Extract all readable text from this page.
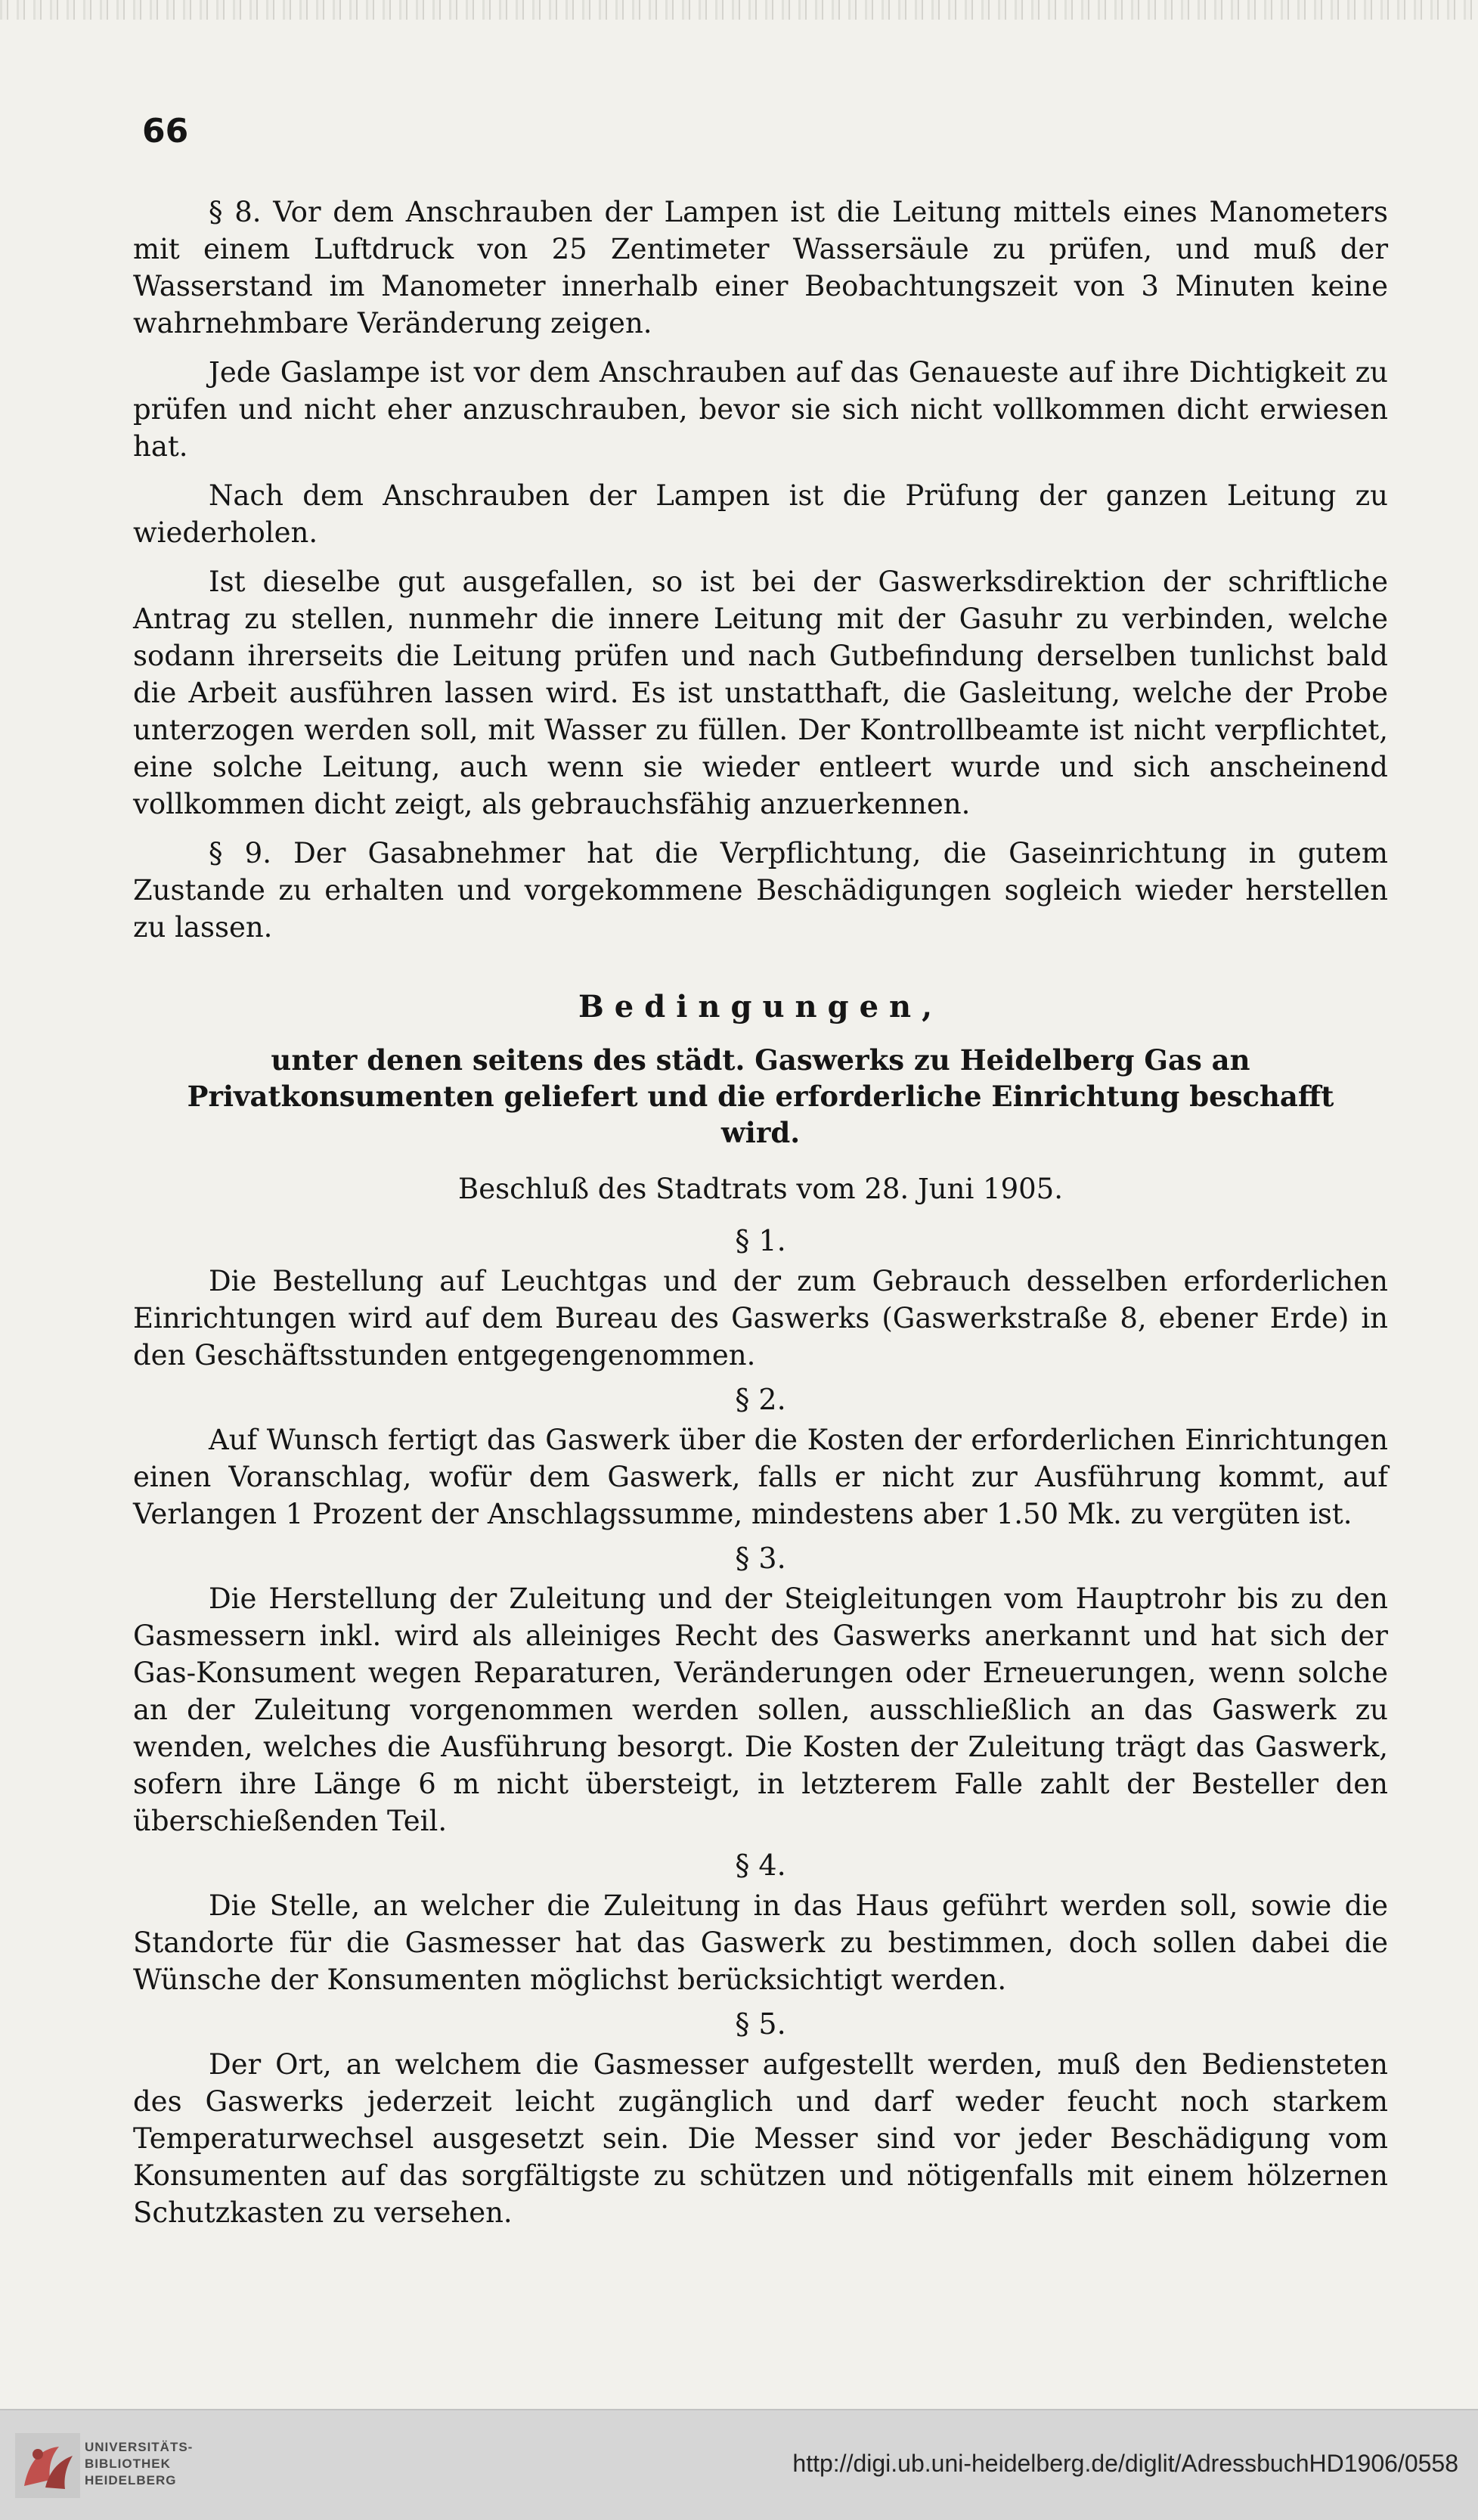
66

§ 8. Vor dem Anschrauben der Lampen ist die Leitung mittels eines Manometers mit einem Luftdruck von 25 Zentimeter Wassersäule zu prüfen, und muß der Wasserstand im Manometer innerhalb einer Beobachtungszeit von 3 Minuten keine wahrnehmbare Veränderung zeigen.

Jede Gaslampe ist vor dem Anschrauben auf das Genaueste auf ihre Dichtigkeit zu prüfen und nicht eher anzuschrauben, bevor sie sich nicht vollkommen dicht erwiesen hat.

Nach dem Anschrauben der Lampen ist die Prüfung der ganzen Leitung zu wiederholen.

Ist dieselbe gut ausgefallen, so ist bei der Gaswerksdirektion der schriftliche Antrag zu stellen, nunmehr die innere Leitung mit der Gasuhr zu verbinden, welche sodann ihrerseits die Leitung prüfen und nach Gutbefindung derselben tunlichst bald die Arbeit ausführen lassen wird. Es ist unstatthaft, die Gasleitung, welche der Probe unterzogen werden soll, mit Wasser zu füllen. Der Kontrollbeamte ist nicht verpflichtet, eine solche Leitung, auch wenn sie wieder entleert wurde und sich anscheinend vollkommen dicht zeigt, als gebrauchsfähig anzuerkennen.

§ 9. Der Gasabnehmer hat die Verpflichtung, die Gaseinrichtung in gutem Zustande zu erhalten und vorgekommene Beschädigungen sogleich wieder herstellen zu lassen.

Bedingungen,
unter denen seitens des städt. Gaswerks zu Heidelberg Gas an Privatkonsumenten geliefert und die erforderliche Einrichtung beschafft wird.
Beschluß des Stadtrats vom 28. Juni 1905.
§ 1.

Die Bestellung auf Leuchtgas und der zum Gebrauch desselben erforderlichen Einrichtungen wird auf dem Bureau des Gaswerks (Gaswerkstraße 8, ebener Erde) in den Geschäftsstunden entgegengenommen.

§ 2.

Auf Wunsch fertigt das Gaswerk über die Kosten der erforderlichen Einrichtungen einen Voranschlag, wofür dem Gaswerk, falls er nicht zur Ausführung kommt, auf Verlangen 1 Prozent der Anschlagssumme, mindestens aber 1.50 Mk. zu vergüten ist.

§ 3.

Die Herstellung der Zuleitung und der Steigleitungen vom Hauptrohr bis zu den Gasmessern inkl. wird als alleiniges Recht des Gaswerks anerkannt und hat sich der Gas-Konsument wegen Reparaturen, Veränderungen oder Erneuerungen, wenn solche an der Zuleitung vorgenommen werden sollen, ausschließlich an das Gaswerk zu wenden, welches die Ausführung besorgt. Die Kosten der Zuleitung trägt das Gaswerk, sofern ihre Länge 6 m nicht übersteigt, in letzterem Falle zahlt der Besteller den überschießenden Teil.

§ 4.

Die Stelle, an welcher die Zuleitung in das Haus geführt werden soll, sowie die Standorte für die Gasmesser hat das Gaswerk zu bestimmen, doch sollen dabei die Wünsche der Konsumenten möglichst berücksichtigt werden.

§ 5.

Der Ort, an welchem die Gasmesser aufgestellt werden, muß den Bediensteten des Gaswerks jederzeit leicht zugänglich und darf weder feucht noch starkem Temperaturwechsel ausgesetzt sein. Die Messer sind vor jeder Beschädigung vom Konsumenten auf das sorgfältigste zu schützen und nötigenfalls mit einem hölzernen Schutzkasten zu versehen.

UNIVERSITÄTS-
BIBLIOTHEK
HEIDELBERG
http://digi.ub.uni-heidelberg.de/diglit/AdressbuchHD1906/0558
